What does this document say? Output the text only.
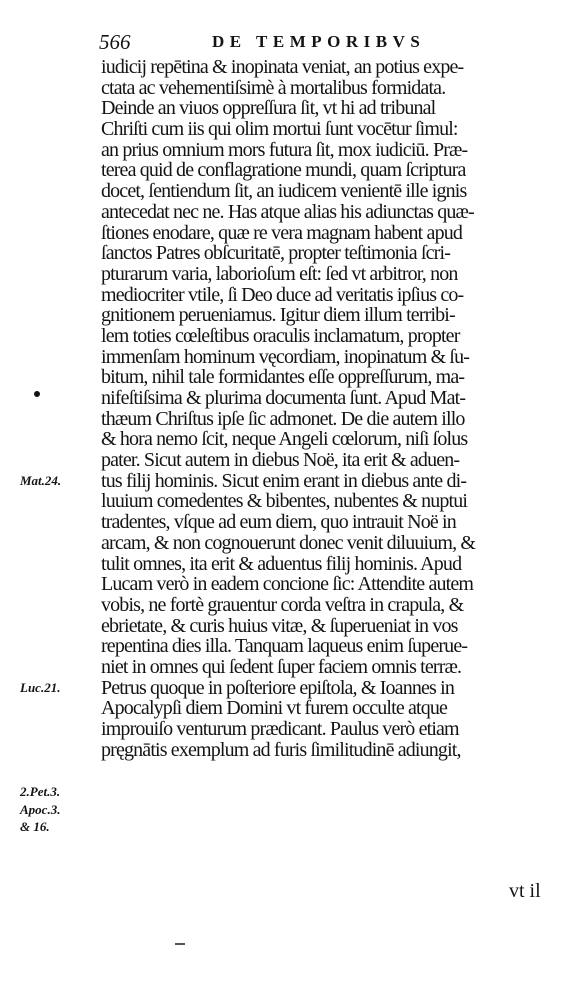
566	DE TEMPORIBVS
Mat.24.
Luc.21.
2.Pet.3.
Apoc.3.
& 16.
iudicij repētina & inopinata veniat, an potius expe-
ctata ac vehementiſsimè à mortalibus formidata.
Deinde an viuos oppreſſura ſit, vt hi ad tribunal
Chriſti cum iis qui olim mortui ſunt vocētur ſimul:
an prius omnium mors futura ſit, mox iudiciū. Præ-
terea quid de conflagratione mundi, quam ſcriptura
docet, ſentiendum ſit, an iudicem venientē ille ignis
antecedat nec ne. Has atque alias his adiunctas quæ-
ſtiones enodare, quæ re vera magnam habent apud
ſanctos Patres obſcuritatē, propter teſtimonia ſcri-
pturarum varia, laborioſum eſt: ſed vt arbitror, non
mediocriter vtile, ſi Deo duce ad veritatis ipſius co-
gnitionem perueniamus. Igitur diem illum terribi-
lem toties cœleſtibus oraculis inclamatum, propter
immenſam hominum vęcordiam, inopinatum & ſu-
bitum, nihil tale formidantes eſſe oppreſſurum, ma-
nifeſtiſsima & plurima documenta ſunt. Apud Mat-
thæum Chriſtus ipſe ſic admonet. De die autem illo
& hora nemo ſcit, neque Angeli cœlorum, niſi ſolus
pater. Sicut autem in diebus Noë, ita erit & aduen-
tus filij hominis. Sicut enim erant in diebus ante di-
luuium comedentes & bibentes, nubentes & nuptui
tradentes, vſque ad eum diem, quo intrauit Noë in
arcam, & non cognouerunt donec venit diluuium, &
tulit omnes, ita erit & aduentus filij hominis. Apud
Lucam verò in eadem concione ſic: Attendite autem
vobis, ne fortè grauentur corda veſtra in crapula, &
ebrietate, & curis huius vitæ, & ſuperueniat in vos
repentina dies illa. Tanquam laqueus enim ſuperue-
niet in omnes qui ſedent ſuper faciem omnis terræ.
Petrus quoque in poſteriore epiſtola, & Ioannes in
Apocalypſi diem Domini vt furem occulte atque
improuiſo venturum prædicant. Paulus verò etiam
pręgnātis exemplum ad furis ſimilitudinē adiungit,
vt il
